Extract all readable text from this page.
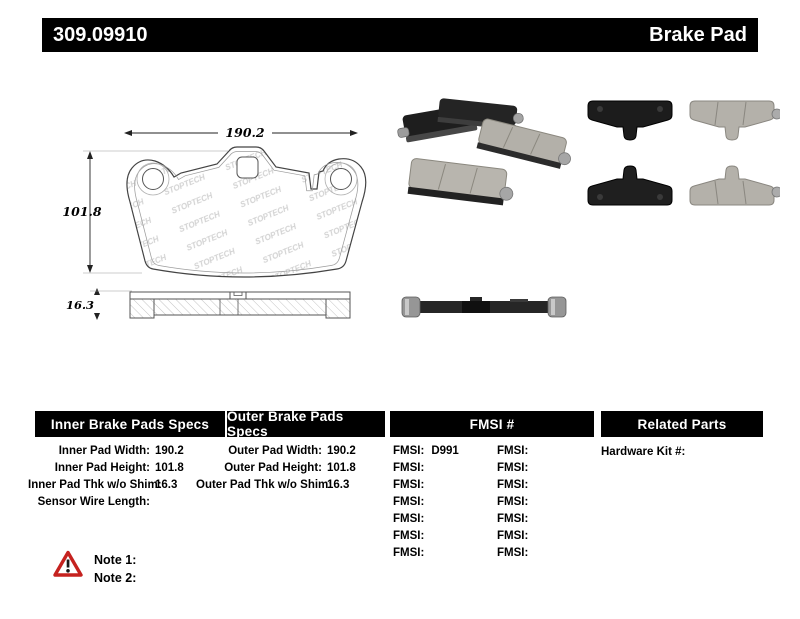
309.09910	Brake Pad
190.2
101.8
16.3
Inner Brake Pads Specs	Outer Brake Pads Specs	FMSI #	Related Parts
Inner Pad Width: 190.2
Inner Pad Height: 101.8
Inner Pad Thk w/o Shim:
16.3
Sensor Wire Length:
Outer Pad Width: 190.2
Outer Pad Height: 101.8
Outer Pad Thk w/o Shim:
16.3
FMSI: D991
FMSI:
FMSI:
FMSI:
FMSI:
FMSI:
FMSI:
FMSI:
FMSI:
FMSI:
FMSI:
FMSI:
FMSI:
FMSI:
Hardware Kit #:
Note 1:
Note 2:
